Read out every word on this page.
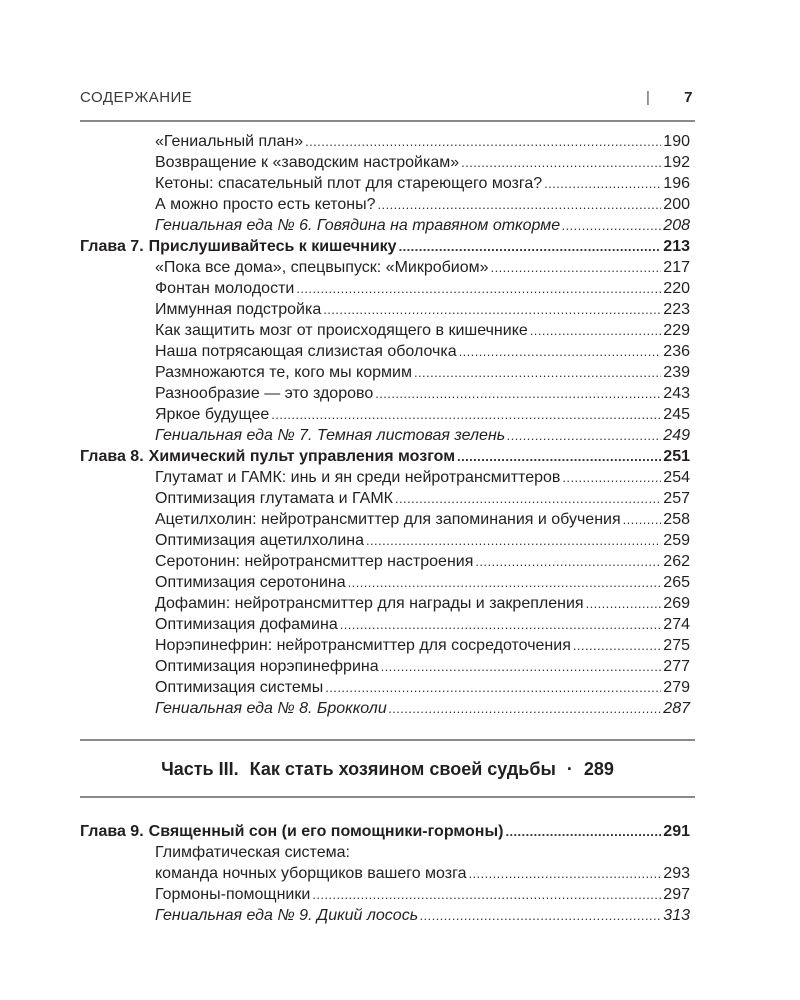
СОДЕРЖАНИЕ	| 7
«Гениальный план» . . .	190
Возвращение к «заводским настройкам» . . .	192
Кетоны: спасательный плот для стареющего мозга? . . .	196
А можно просто есть кетоны? . . .	200
Гениальная еда № 6. Говядина на травяном откорме . . .	208
Глава 7. Прислушивайтесь к кишечнику . . .	213
«Пока все дома», спецвыпуск: «Микробиом» . . .	217
Фонтан молодости . . .	220
Иммунная подстройка . . .	223
Как защитить мозг от происходящего в кишечнике . . .	229
Наша потрясающая слизистая оболочка . . .	236
Размножаются те, кого мы кормим . . .	239
Разнообразие — это здорово . . .	243
Яркое будущее . . .	245
Гениальная еда № 7. Темная листовая зелень . . .	249
Глава 8. Химический пульт управления мозгом . . .	251
Глутамат и ГАМК: инь и ян среди нейротрансмиттеров . . .	254
Оптимизация глутамата и ГАМК . . .	257
Ацетилхолин: нейротрансмиттер для запоминания и обучения . . .	258
Оптимизация ацетилхолина . . .	259
Серотонин: нейротрансмиттер настроения . . .	262
Оптимизация серотонина . . .	265
Дофамин: нейротрансмиттер для награды и закрепления . . .	269
Оптимизация дофамина . . .	274
Норэпинефрин: нейротрансмиттер для сосредоточения . . .	275
Оптимизация норэпинефрина . . .	277
Оптимизация системы . . .	279
Гениальная еда № 8. Брокколи . . .	287
Часть III. Как стать хозяином своей судьбы · 289
Глава 9. Священный сон (и его помощники-гормоны) . . .	291
Глимфатическая система:
команда ночных уборщиков вашего мозга . . .	293
Гормоны-помощники . . .	297
Гениальная еда № 9. Дикий лосось . . .	313
